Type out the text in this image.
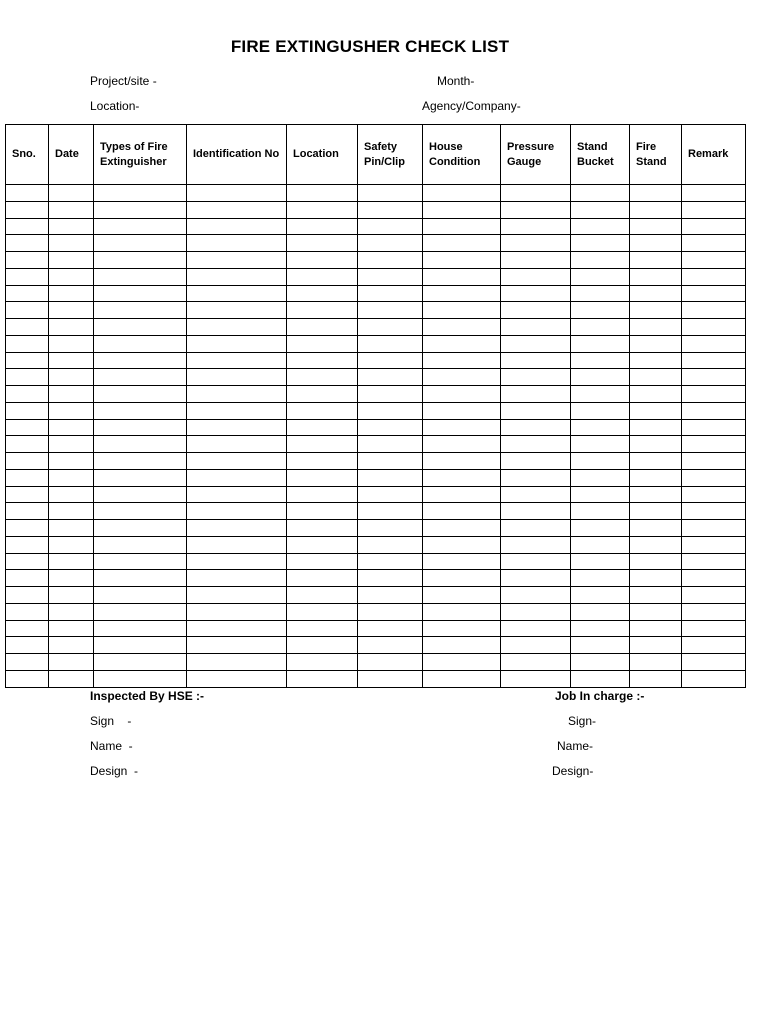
FIRE EXTINGUSHER CHECK LIST
Project/site -	Month-
Location-	Agency/Company-
Sno.	Date	Types of Fire Extinguisher	Identification No	Location	Safety Pin/Clip	House Condition	Pressure Gauge	Stand Bucket	Fire Stand	Remark

Inspected By HSE :-
Sign    -
Name  -
Design  -
Job In charge :-
Sign-
Name-
Design-
